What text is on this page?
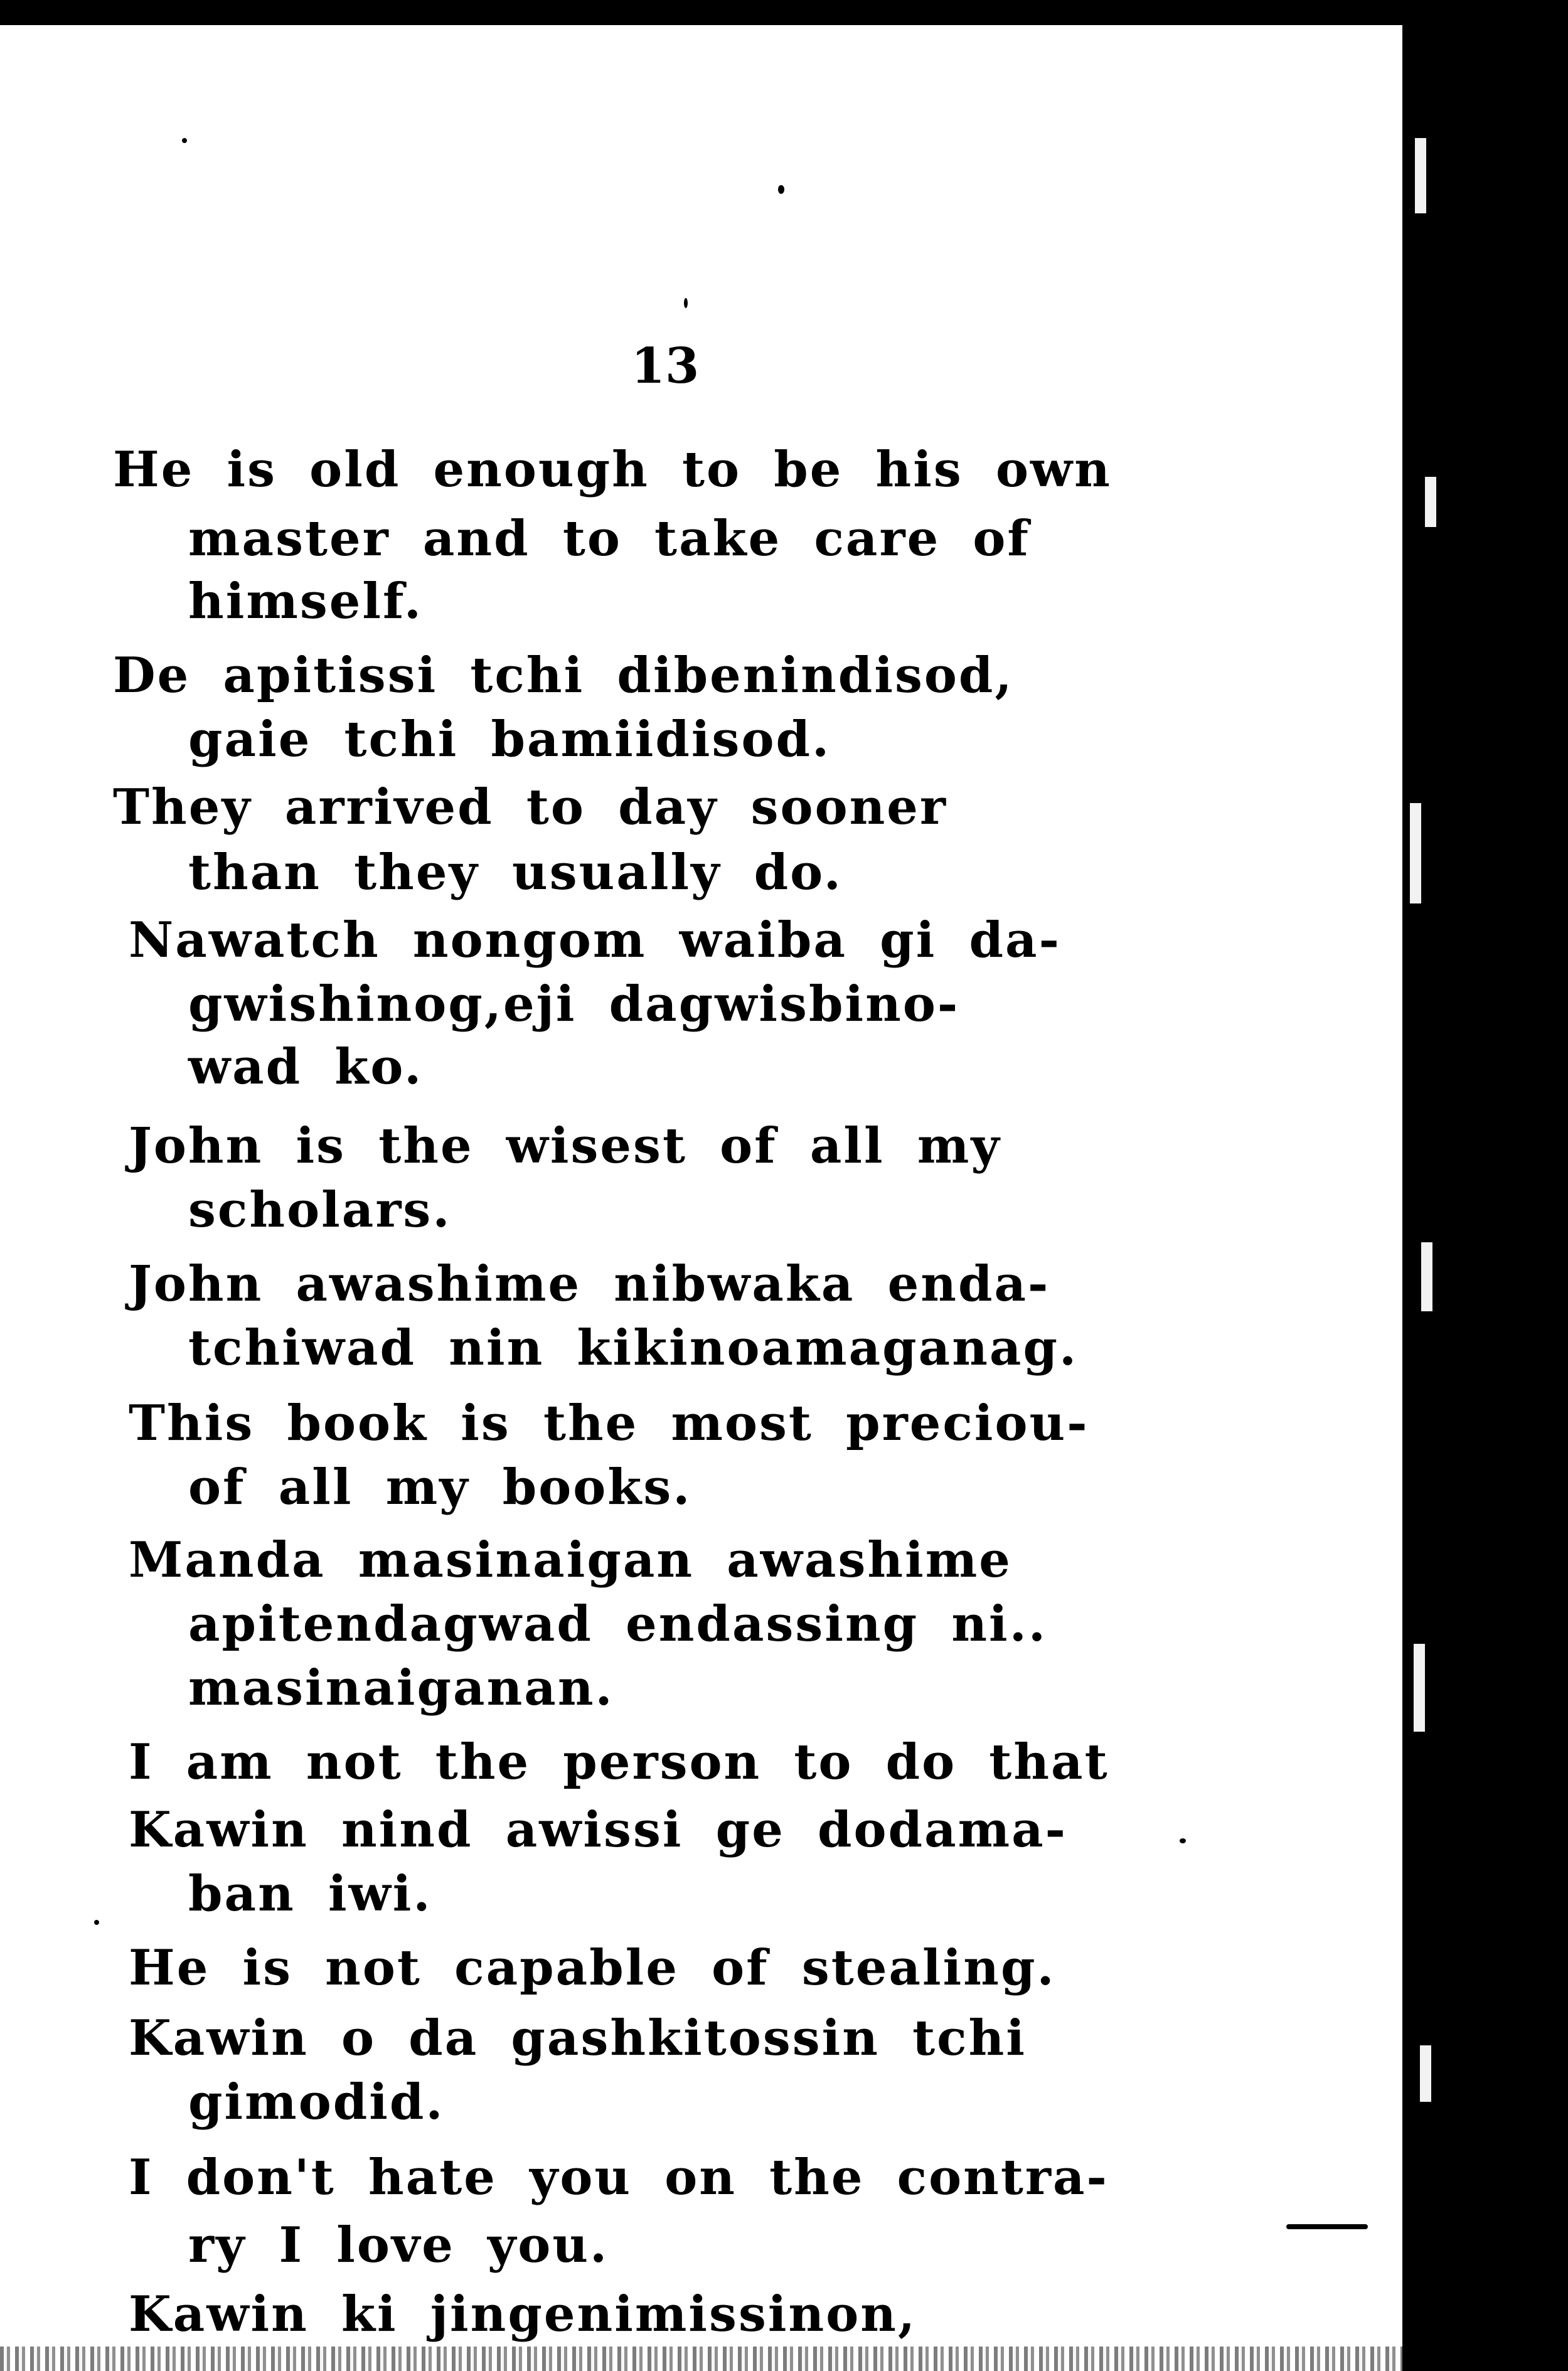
13
He is old enough to be his own
master and to take care of
himself.
De apitissi tchi dibenindisod,
gaie tchi bamiidisod.
They arrived to day sooner
than they usually do.
Nawatch nongom waiba gi da-
gwishinog,eji dagwisbino-
wad ko.
John is the wisest of all my
scholars.
John awashime nibwaka enda-
tchiwad nin kikinoamaganag.
This book is the most preciou-
of all my books.
Manda masinaigan awashime
apitendagwad endassing ni..
masinaiganan.
I am not the person to do that
Kawin nind awissi ge dodama-
ban iwi.
He is not capable of stealing.
Kawin o da gashkitossin tchi
gimodid.
I don't hate you on the contra-
ry I love you.
Kawin ki jingenimissinon,
